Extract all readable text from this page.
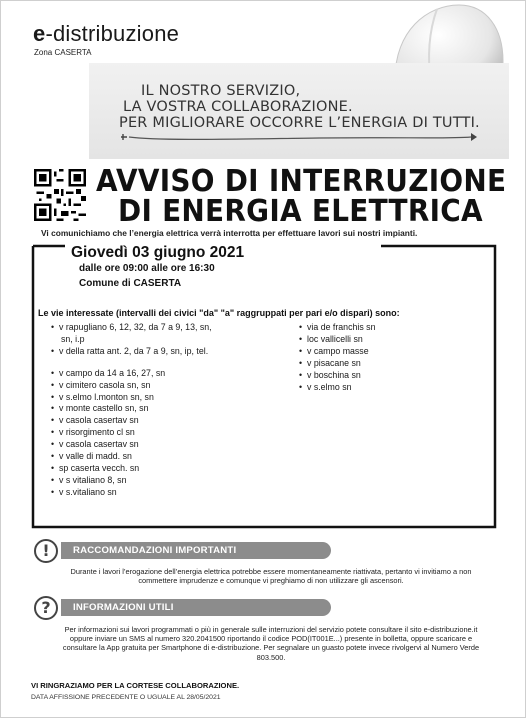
e-distribuzione
Zona CASERTA
IL NOSTRO SERVIZIO,
LA VOSTRA COLLABORAZIONE.
PER MIGLIORARE OCCORRE L’ENERGIA DI TUTTI.
AVVISO DI INTERRUZIONE
DI ENERGIA ELETTRICA
Vi comunichiamo che l’energia elettrica verrà interrotta per effettuare lavori sui nostri impianti.
Giovedì 03 giugno 2021
dalle ore 09:00 alle ore 16:30
Comune di CASERTA
Le vie interessate (intervalli dei civici "da" "a" raggruppati per pari e/o dispari) sono:
• v rapugliano 6, 12, 32, da 7 a 9, 13, sn,
sn, i.p
• v della ratta ant. 2, da 7 a 9, sn, ip, tel.
• v campo da 14 a 16, 27, sn
• v cimitero casola sn, sn
• v s.elmo l.monton sn, sn
• v monte castello sn, sn
• v casola casertav sn
• v risorgimento cl sn
• v casola casertav sn
• v valle di madd. sn
• sp caserta vecch. sn
• v s vitaliano 8, sn
• v s.vitaliano sn
• via de franchis sn
• loc vallicelli sn
• v campo masse
• v pisacane sn
• v boschina sn
• v s.elmo sn
!	RACCOMANDAZIONI IMPORTANTI
Durante i lavori l’erogazione dell’energia elettrica potrebbe essere momentaneamente riattivata, pertanto vi invitiamo a non commettere imprudenze e comunque vi preghiamo di non utilizzare gli ascensori.
?	INFORMAZIONI UTILI
Per informazioni sui lavori programmati o più in generale sulle interruzioni del servizio potete consultare il sito e-distribuzione.it oppure inviare un SMS al numero 320.2041500 riportando il codice POD(IT001E...) presente in bolletta, oppure scaricare e consultare la App gratuita per Smartphone di e-distribuzione. Per segnalare un guasto potete invece rivolgervi al Numero Verde 803.500.
VI RINGRAZIAMO PER LA CORTESE COLLABORAZIONE.
DATA AFFISSIONE PRECEDENTE O UGUALE AL 28/05/2021
